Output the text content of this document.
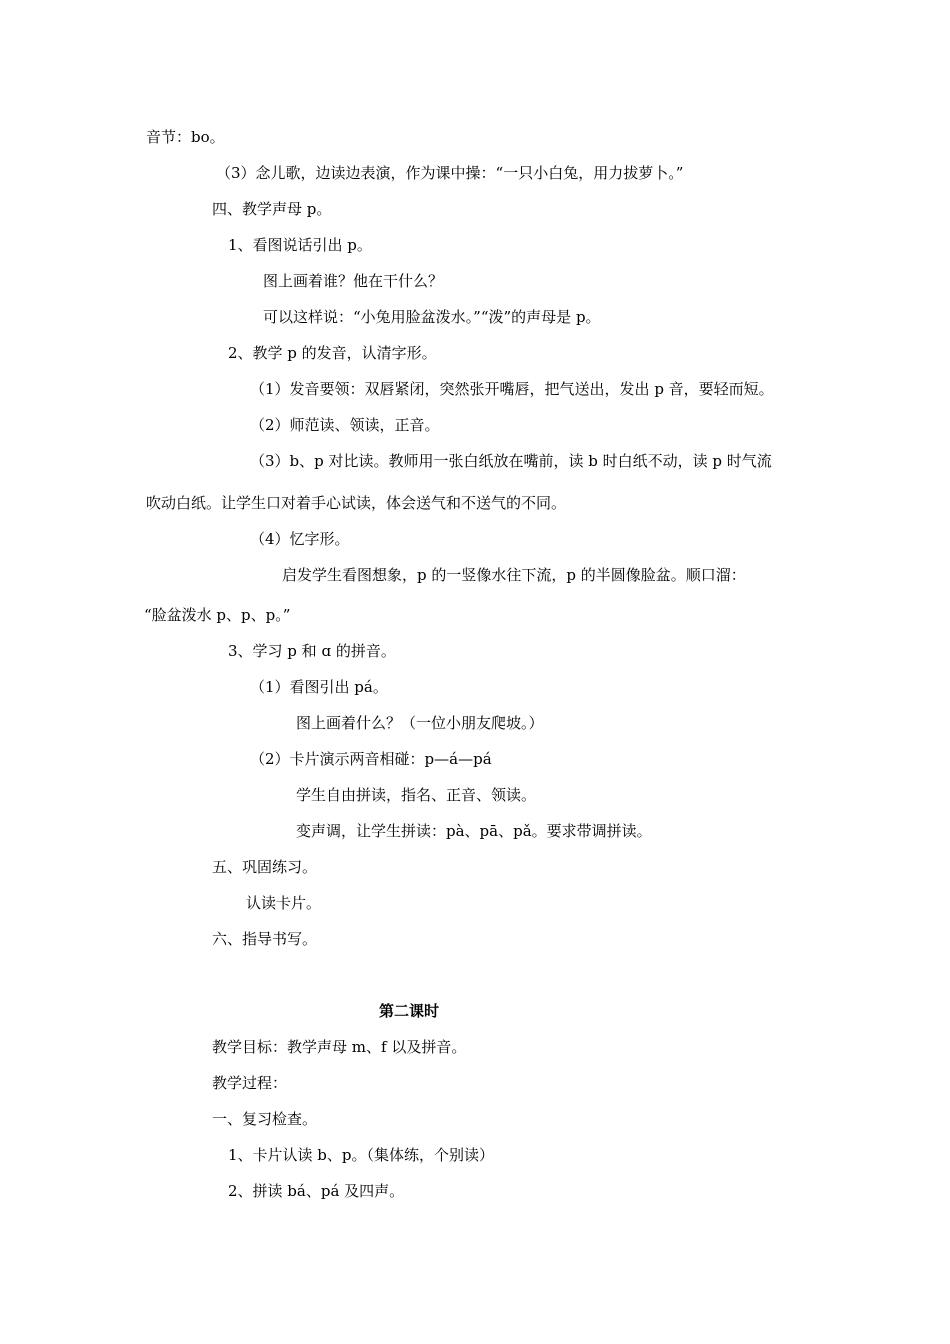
音节：bo。
（3）念儿歌，边读边表演，作为课中操：“一只小白兔，用力拔萝卜。”
四、教学声母 p。
1、看图说话引出 p。
图上画着谁？他在干什么？
可以这样说：“小兔用脸盆泼水。”“泼”的声母是 p。
2、教学 p 的发音，认清字形。
（1）发音要领：双唇紧闭，突然张开嘴唇，把气送出，发出 p 音，要轻而短。
（2）师范读、领读，正音。
（3）b、p 对比读。教师用一张白纸放在嘴前，读 b 时白纸不动，读 p 时气流
吹动白纸。让学生口对着手心试读，体会送气和不送气的不同。
（4）忆字形。
启发学生看图想象，p 的一竖像水往下流，p 的半圆像脸盆。顺口溜：
“脸盆泼水 p、p、p。”
3、学习 p 和 ɑ 的拼音。
（1）看图引出 pá。
图上画着什么？（一位小朋友爬坡。）
（2）卡片演示两音相碰：p—á—pá
学生自由拼读，指名、正音、领读。
变声调，让学生拼读：pà、pā、pǎ。要求带调拼读。
五、巩固练习。
认读卡片。
六、指导书写。
第二课时
教学目标：教学声母 m、f 以及拼音。
教学过程：
一、复习检查。
1、卡片认读 b、p。（集体练，个别读）
2、拼读 bá、pá 及四声。
